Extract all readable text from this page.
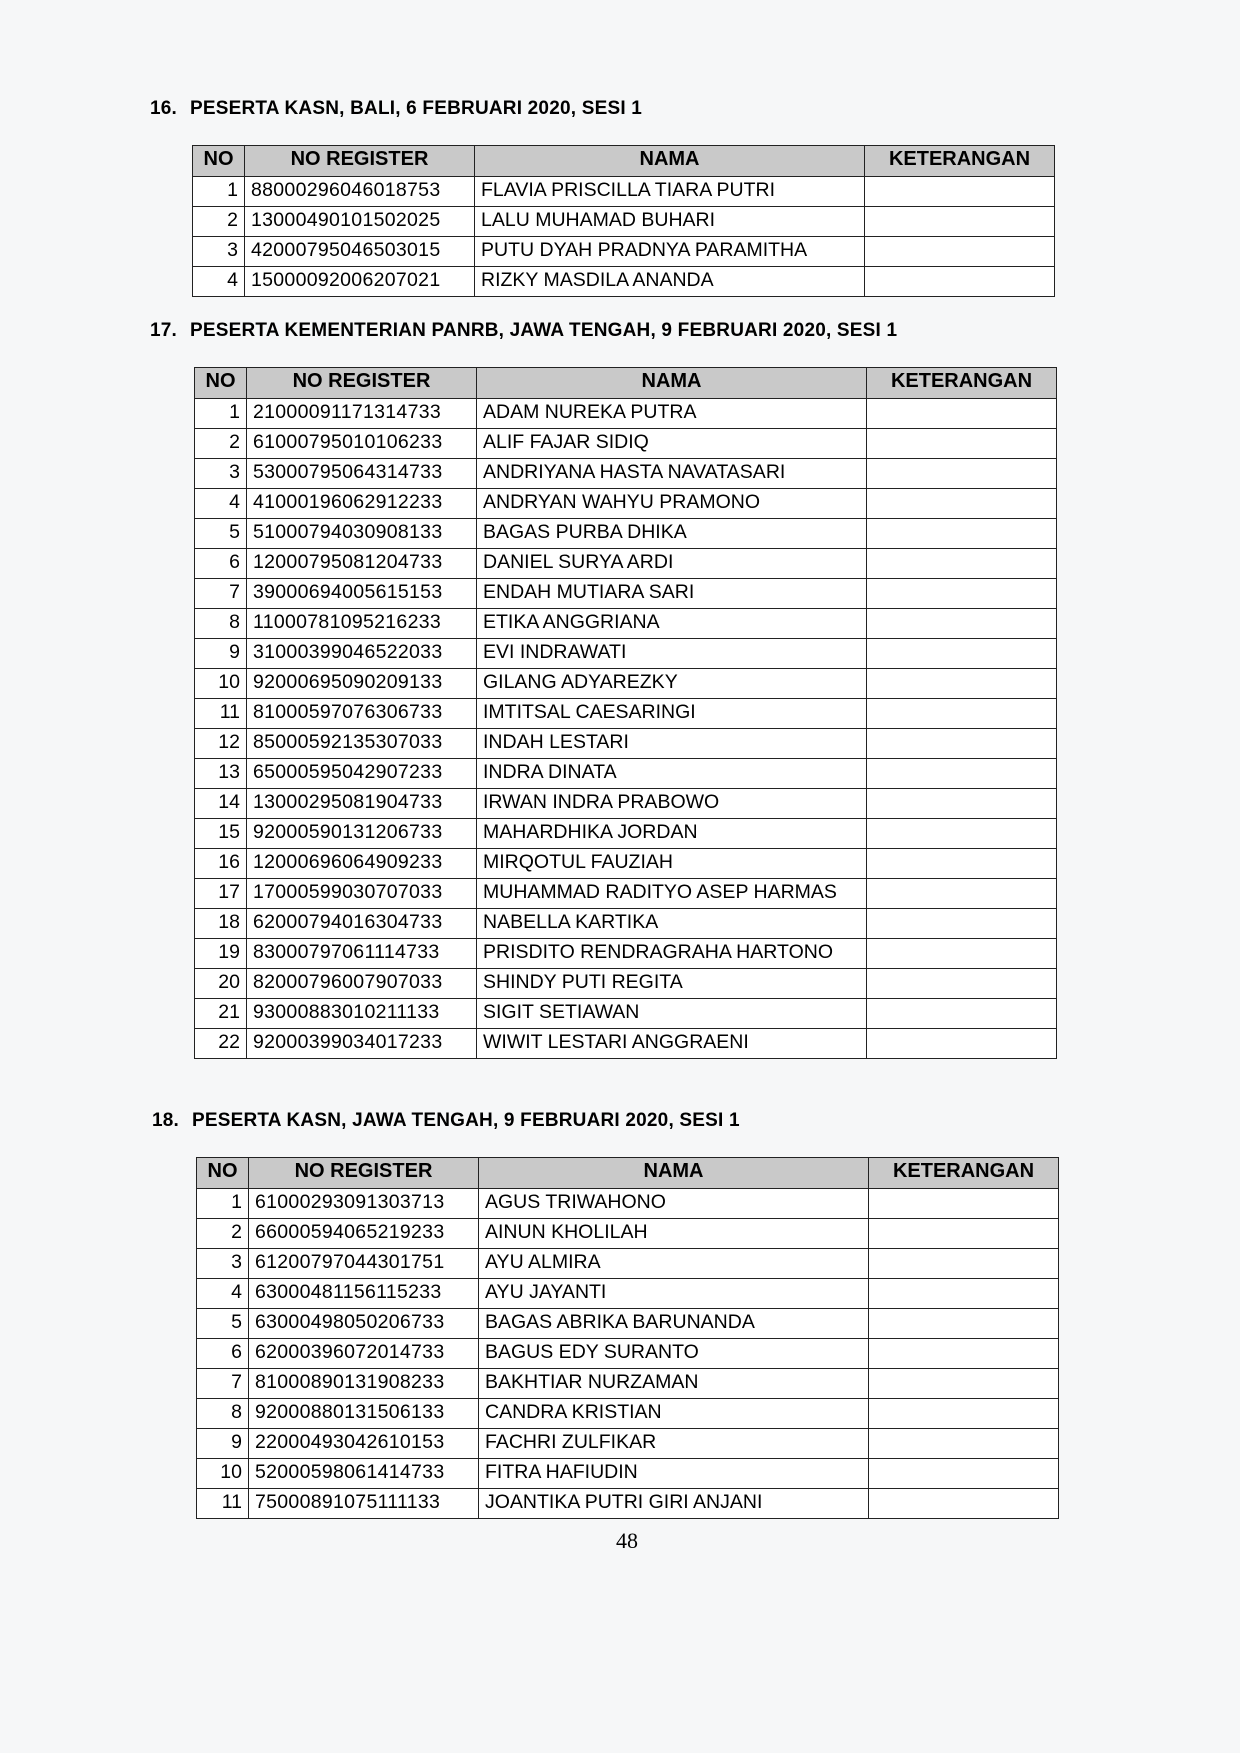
16. PESERTA KASN, BALI, 6 FEBRUARI 2020, SESI 1
NO	NO REGISTER	NAMA	KETERANGAN
1	88000296046018753	FLAVIA PRISCILLA TIARA PUTRI	
2	13000490101502025	LALU MUHAMAD BUHARI	
3	42000795046503015	PUTU DYAH PRADNYA PARAMITHA	
4	15000092006207021	RIZKY MASDILA ANANDA	
17. PESERTA KEMENTERIAN PANRB, JAWA TENGAH, 9 FEBRUARI 2020, SESI 1
NO	NO REGISTER	NAMA	KETERANGAN
1	21000091171314733	ADAM NUREKA PUTRA	
2	61000795010106233	ALIF FAJAR SIDIQ	
3	53000795064314733	ANDRIYANA HASTA NAVATASARI	
4	41000196062912233	ANDRYAN WAHYU PRAMONO	
5	51000794030908133	BAGAS PURBA DHIKA	
6	12000795081204733	DANIEL SURYA ARDI	
7	39000694005615153	ENDAH MUTIARA SARI	
8	11000781095216233	ETIKA ANGGRIANA	
9	31000399046522033	EVI INDRAWATI	
10	92000695090209133	GILANG ADYAREZKY	
11	81000597076306733	IMTITSAL CAESARINGI	
12	85000592135307033	INDAH LESTARI	
13	65000595042907233	INDRA DINATA	
14	13000295081904733	IRWAN INDRA PRABOWO	
15	92000590131206733	MAHARDHIKA JORDAN	
16	12000696064909233	MIRQOTUL FAUZIAH	
17	17000599030707033	MUHAMMAD RADITYO ASEP HARMAS	
18	62000794016304733	NABELLA KARTIKA	
19	83000797061114733	PRISDITO RENDRAGRAHA HARTONO	
20	82000796007907033	SHINDY PUTI REGITA	
21	93000883010211133	SIGIT SETIAWAN	
22	92000399034017233	WIWIT LESTARI ANGGRAENI	
18. PESERTA KASN, JAWA TENGAH, 9 FEBRUARI 2020, SESI 1
NO	NO REGISTER	NAMA	KETERANGAN
1	61000293091303713	AGUS TRIWAHONO	
2	66000594065219233	AINUN KHOLILAH	
3	61200797044301751	AYU ALMIRA	
4	63000481156115233	AYU JAYANTI	
5	63000498050206733	BAGAS ABRIKA BARUNANDA	
6	62000396072014733	BAGUS EDY SURANTO	
7	81000890131908233	BAKHTIAR NURZAMAN	
8	92000880131506133	CANDRA KRISTIAN	
9	22000493042610153	FACHRI ZULFIKAR	
10	52000598061414733	FITRA HAFIUDIN	
11	75000891075111133	JOANTIKA PUTRI GIRI ANJANI	
48
